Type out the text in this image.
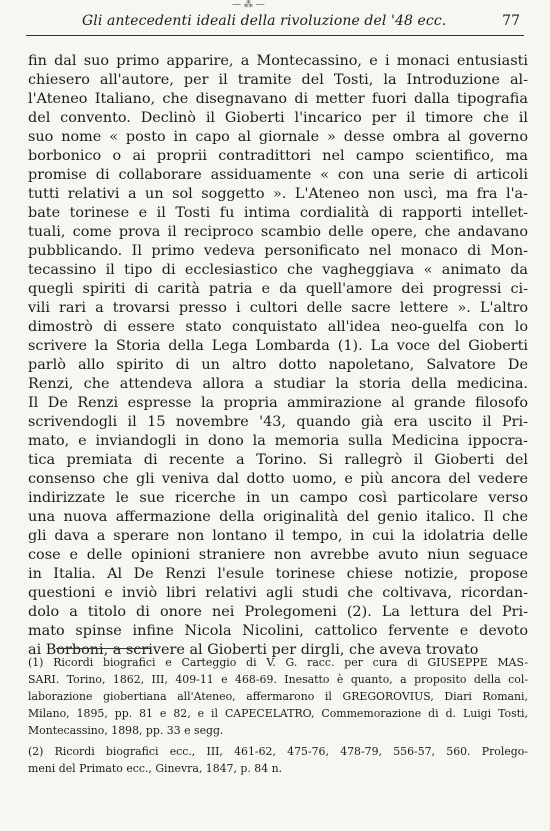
— ⁂ —
Gli antecedenti ideali della rivoluzione del '48 ecc.	77
fin dal suo primo apparire, a Montecassino, e i monaci entusiasti
chiesero all'autore, per il tramite del Tosti, la Introduzione al-
l'Ateneo Italiano, che disegnavano di metter fuori dalla tipografia
del convento. Declinò il Gioberti l'incarico per il timore che il
suo nome « posto in capo al giornale » desse ombra al governo
borbonico o ai proprii contradittori nel campo scientifico, ma
promise di collaborare assiduamente « con una serie di articoli
tutti relativi a un sol soggetto ». L'Ateneo non uscì, ma fra l'a-
bate torinese e il Tosti fu intima cordialità di rapporti intellet-
tuali, come prova il reciproco scambio delle opere, che andavano
pubblicando. Il primo vedeva personificato nel monaco di Mon-
tecassino il tipo di ecclesiastico che vagheggiava « animato da
quegli spiriti di carità patria e da quell'amore dei progressi ci-
vili rari a trovarsi presso i cultori delle sacre lettere ». L'altro
dimostrò di essere stato conquistato all'idea neo-guelfa con lo
scrivere la Storia della Lega Lombarda (1). La voce del Gioberti
parlò allo spirito di un altro dotto napoletano, Salvatore De
Renzi, che attendeva allora a studiar la storia della medicina.
Il De Renzi espresse la propria ammirazione al grande filosofo
scrivendogli il 15 novembre '43, quando già era uscito il Pri-
mato, e inviandogli in dono la memoria sulla Medicina ippocra-
tica premiata di recente a Torino. Si rallegrò il Gioberti del
consenso che gli veniva dal dotto uomo, e più ancora del vedere
indirizzate le sue ricerche in un campo così particolare verso
una nuova affermazione della originalità del genio italico. Il che
gli dava a sperare non lontano il tempo, in cui la idolatria delle
cose e delle opinioni straniere non avrebbe avuto niun seguace
in Italia. Al De Renzi l'esule torinese chiese notizie, propose
questioni e inviò libri relativi agli studi che coltivava, ricordan-
dolo a titolo di onore nei Prolegomeni (2). La lettura del Pri-
mato spinse infine Nicola Nicolini, cattolico fervente e devoto
ai Borboni, a scrivere al Gioberti per dirgli, che aveva trovato
(1) Ricordi biografici e Carteggio di V. G. racc. per cura di GIUSEPPE MAS-
SARI. Torino, 1862, III, 409-11 e 468-69. Inesatto è quanto, a proposito della col-
laborazione giobertiana all'Ateneo, affermarono il GREGOROVIUS, Diari Romani,
Milano, 1895, pp. 81 e 82, e il CAPECELATRO, Commemorazione di d. Luigi Tosti,
Montecassino, 1898, pp. 33 e segg.
(2) Ricordi biografici ecc., III, 461-62, 475-76, 478-79, 556-57, 560. Prolego-
meni del Primato ecc., Ginevra, 1847, p. 84 n.
